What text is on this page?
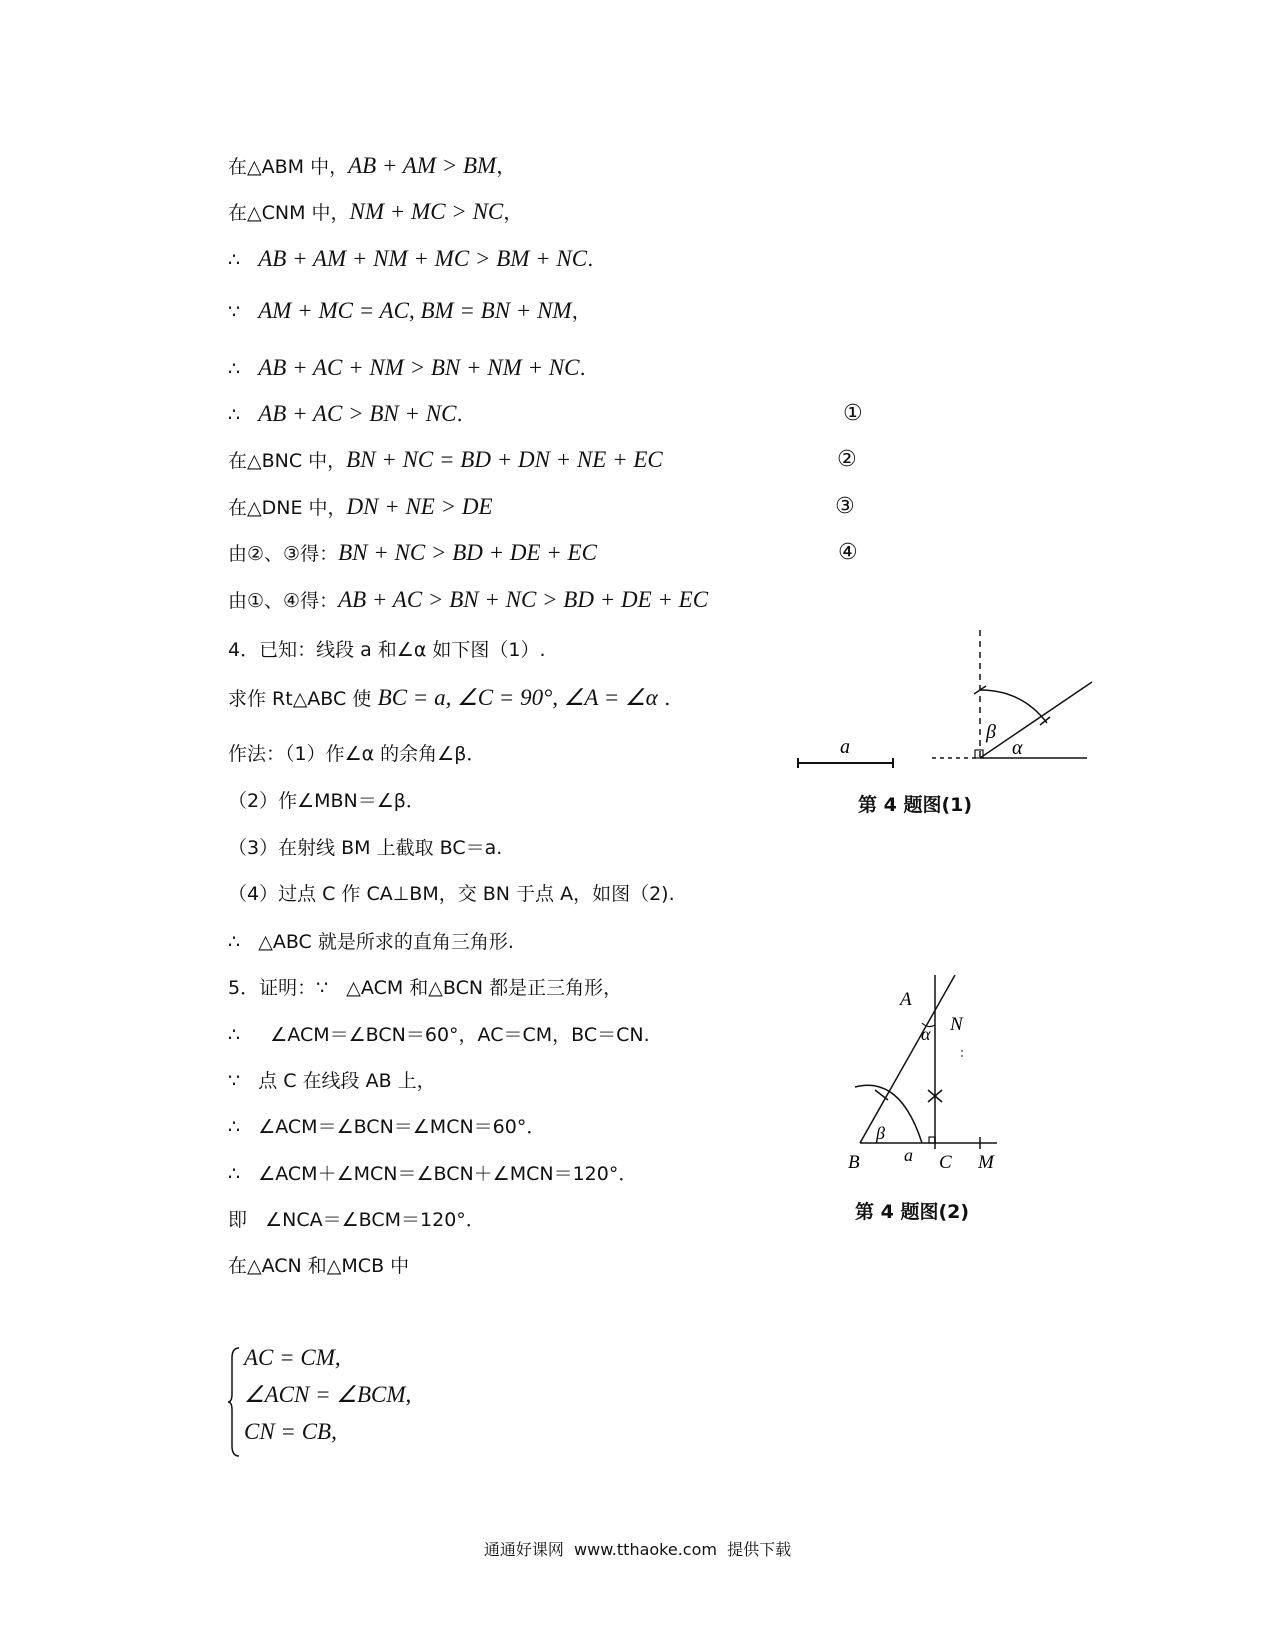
在△ABM 中，AB + AM > BM，
在△CNM 中，NM + MC > NC，
∴   AB + AM + NM + MC > BM + NC.
∵   AM + MC = AC, BM = BN + NM，
∴   AB + AC + NM > BN + NM + NC.
∴   AB + AC > BN + NC.
在△BNC 中，BN + NC = BD + DN + NE + EC
在△DNE 中，DN + NE > DE
由②、③得：BN + NC > BD + DE + EC
由①、④得：AB + AC > BN + NC > BD + DE + EC
①
②
③
④
4．已知：线段 a 和∠α 如下图（1）.
求作 Rt△ABC 使 BC = a, ∠C = 90°, ∠A = ∠α .
作法：（1）作∠α 的余角∠β．
（2）作∠MBN＝∠β．
（3）在射线 BM 上截取 BC＝a.
（4）过点 C 作 CA⊥BM，交 BN 于点 A，如图（2).
∴   △ABC 就是所求的直角三角形.
5．证明：∵   △ACM 和△BCN 都是正三角形，
∴     ∠ACM＝∠BCN＝60°，AC＝CM，BC＝CN.
∵   点 C 在线段 AB 上，
∴   ∠ACM＝∠BCN＝∠MCN＝60°．
∴   ∠ACM＋∠MCN＝∠BCN＋∠MCN＝120°．
即   ∠NCA＝∠BCM＝120°．
在△ACN 和△MCB 中
AC = CM,
∠ACN = ∠BCM,
CN = CB,
a
β
α
第 4 题图(1)
A
N
α
β
a
B	C M
第 4 题图(2)
通通好课网  www.tthaoke.com  提供下载
